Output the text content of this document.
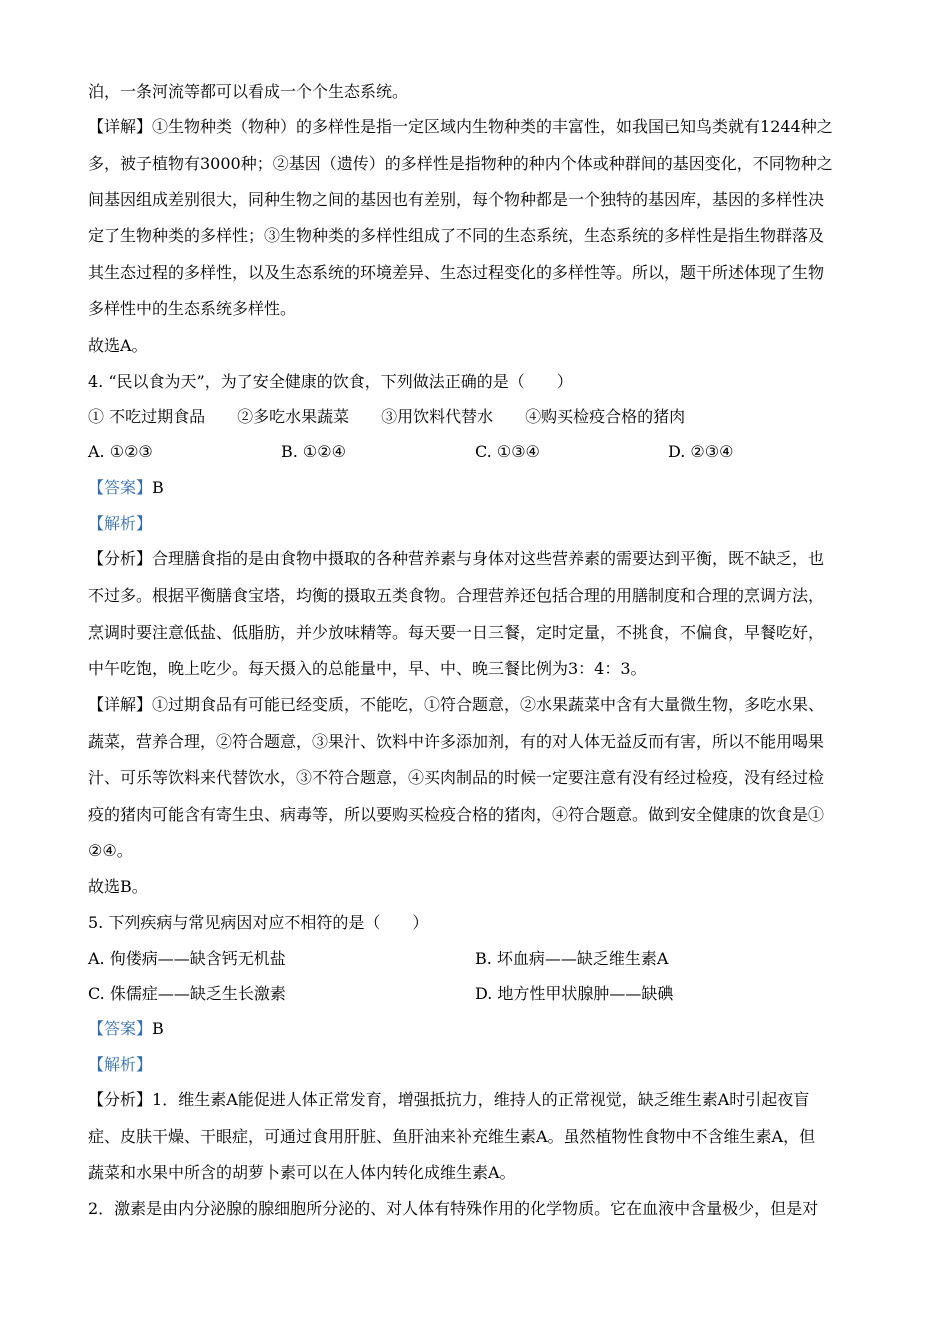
泊，一条河流等都可以看成一个个生态系统。
【详解】①生物种类（物种）的多样性是指一定区域内生物种类的丰富性，如我国已知鸟类就有1244种之
多，被子植物有3000种；②基因（遗传）的多样性是指物种的种内个体或种群间的基因变化，不同物种之
间基因组成差别很大，同种生物之间的基因也有差别，每个物种都是一个独特的基因库，基因的多样性决
定了生物种类的多样性；③生物种类的多样性组成了不同的生态系统，生态系统的多样性是指生物群落及
其生态过程的多样性，以及生态系统的环境差异、生态过程变化的多样性等。所以，题干所述体现了生物
多样性中的生态系统多样性。
故选A。
4. “民以食为天”，为了安全健康的饮食，下列做法正确的是（　　）
① 不吃过期食品　　②多吃水果蔬菜　　③用饮料代替水　　④购买检疫合格的猪肉
A. ①②③	B. ①②④	C. ①③④	D. ②③④
【答案】B
【解析】
【分析】合理膳食指的是由食物中摄取的各种营养素与身体对这些营养素的需要达到平衡，既不缺乏，也
不过多。根据平衡膳食宝塔，均衡的摄取五类食物。合理营养还包括合理的用膳制度和合理的烹调方法，
烹调时要注意低盐、低脂肪，并少放味精等。每天要一日三餐，定时定量，不挑食，不偏食，早餐吃好，
中午吃饱，晚上吃少。每天摄入的总能量中，早、中、晚三餐比例为3：4：3。
【详解】①过期食品有可能已经变质，不能吃，①符合题意，②水果蔬菜中含有大量微生物，多吃水果、
蔬菜，营养合理，②符合题意，③果汁、饮料中许多添加剂，有的对人体无益反而有害，所以不能用喝果
汁、可乐等饮料来代替饮水，③不符合题意，④买肉制品的时候一定要注意有没有经过检疫，没有经过检
疫的猪肉可能含有寄生虫、病毒等，所以要购买检疫合格的猪肉，④符合题意。做到安全健康的饮食是①
②④。
故选B。
5. 下列疾病与常见病因对应不相符的是（　　）
A. 佝偻病——缺含钙无机盐	B. 坏血病——缺乏维生素A
C. 侏儒症——缺乏生长激素	D. 地方性甲状腺肿——缺碘
【答案】B
【解析】
【分析】1．维生素A能促进人体正常发育，增强抵抗力，维持人的正常视觉，缺乏维生素A时引起夜盲
症、皮肤干燥、干眼症，可通过食用肝脏、鱼肝油来补充维生素A。虽然植物性食物中不含维生素A，但
蔬菜和水果中所含的胡萝卜素可以在人体内转化成维生素A。
2．激素是由内分泌腺的腺细胞所分泌的、对人体有特殊作用的化学物质。它在血液中含量极少，但是对
